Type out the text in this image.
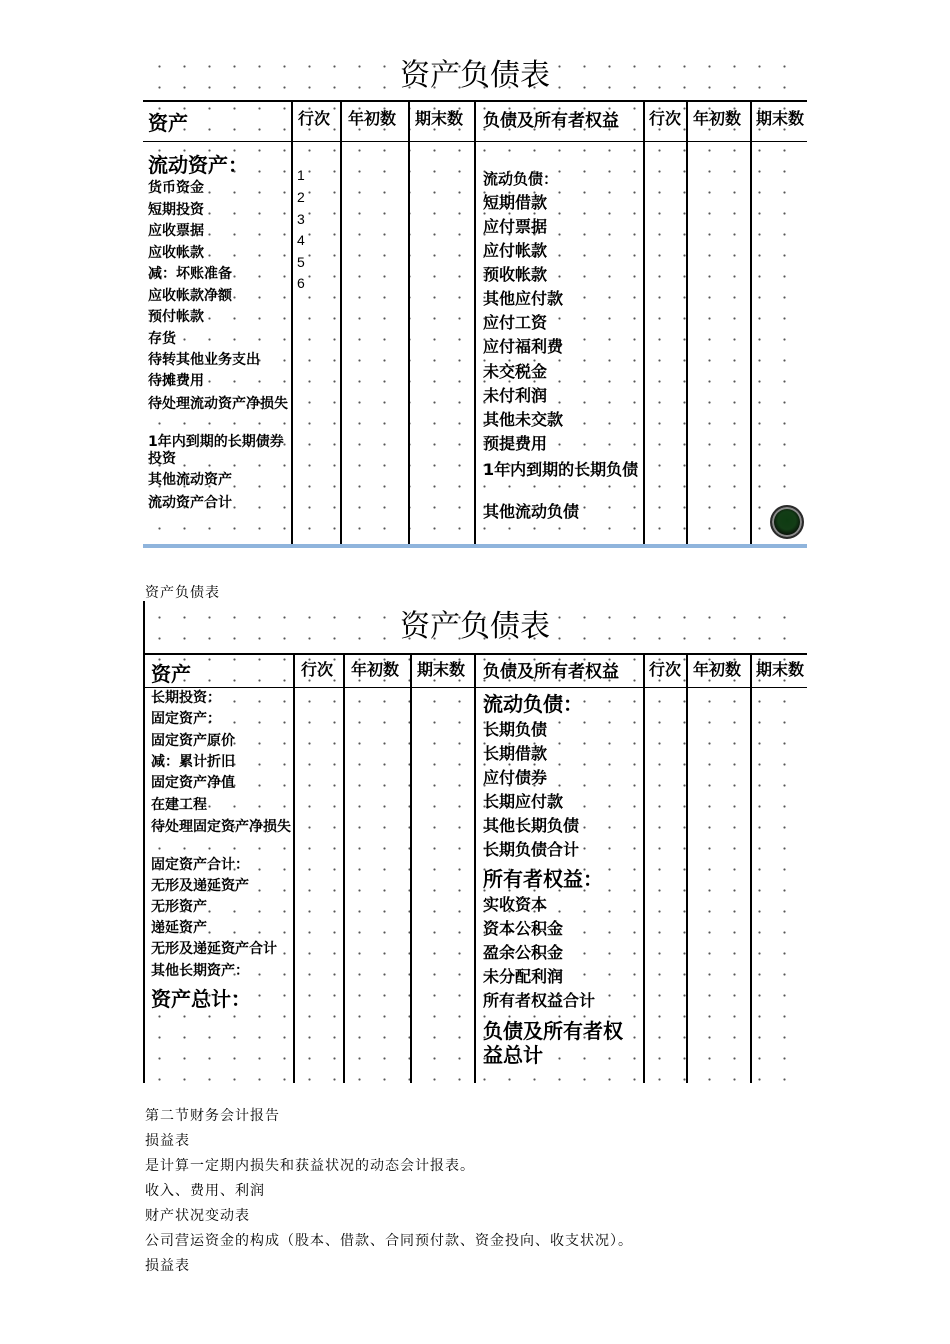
资产负债表
资产	行次 年初数 期末数 负债及所有者权益 行次 年初数 期末数
流动资产：
货币资金
短期投资
应收票据
应收帐款
减：坏账准备
应收帐款净额
预付帐款
存货
待转其他业务支出
待摊费用
待处理流动资产净损失
1年内到期的长期债券投资
其他流动资产
流动资产合计
1
2
3
4
5
6
流动负债：
短期借款
应付票据
应付帐款
预收帐款
其他应付款
应付工资
应付福利费
未交税金
未付利润
其他未交款
预提费用
1年内到期的长期负债
其他流动负债
资产负债表
资产负债表
资产	行次 年初数 期末数 负债及所有者权益 行次 年初数 期末数
长期投资：
固定资产：
固定资产原价
减：累计折旧
固定资产净值
在建工程
待处理固定资产净损失
固定资产合计：
无形及递延资产
无形资产
递延资产
无形及递延资产合计
其他长期资产：
资产总计：
流动负债：
长期负债
长期借款
应付债券
长期应付款
其他长期负债
长期负债合计
所有者权益：
实收资本
资本公积金
盈余公积金
未分配利润
所有者权益合计
负债及所有者权益总计
第二节财务会计报告
损益表
是计算一定期内损失和获益状况的动态会计报表。
收入、费用、利润
财产状况变动表
公司营运资金的构成（股本、借款、合同预付款、资金投向、收支状况）。
损益表
